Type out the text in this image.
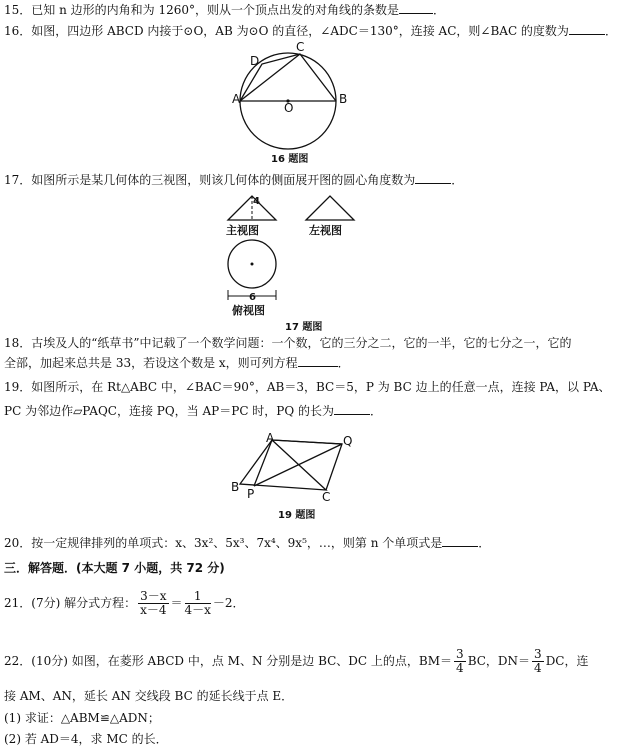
15．已知 n 边形的内角和为 1260°，则从一个顶点出发的对角线的条数是	．
16．如图，四边形 ABCD 内接于⊙O，AB 为⊙O 的直径，∠ADC＝130°，连接 AC，则∠BAC 的度数为	．
A	B
C
D
O
16 题图
17．如图所示是某几何体的三视图，则该几何体的侧面展开图的圆心角度数为	．
4
主视图	左视图
6
俯视图
17 题图
18．古埃及人的“纸草书”中记载了一个数学问题：一个数，它的三分之二，它的一半，它的七分之一，它的
全部，加起来总共是 33，若设这个数是 x，则可列方程	．
19．如图所示，在 Rt△ABC 中，∠BAC＝90°，AB＝3，BC＝5，P 为 BC 边上的任意一点，连接 PA，以 PA、
PC 为邻边作▱PAQC，连接 PQ，当 AP＝PC 时，PQ 的长为	．
A	Q
B P	C
19 题图
20．按一定规律排列的单项式：x、3x²、5x³、7x⁴、9x⁵，…，则第 n 个单项式是	．
三．解答题．(本大题 7 小题，共 72 分)
21．(7分) 解分式方程： $\frac{3-x}{x-4} = \frac{1}{4-x} -2$．
22．(10分) 如图，在菱形 ABCD 中，点 M、N 分别是边 BC、DC 上的点，$BM= \frac{3}{4}$ BC，$DN= \frac{3}{4}$ DC，连
接 AM、AN，延长 AN 交线段 BC 的延长线于点 E．
(1) 求证：△ABM≌△ADN；
(2) 若 AD＝4，求 MC 的长．
